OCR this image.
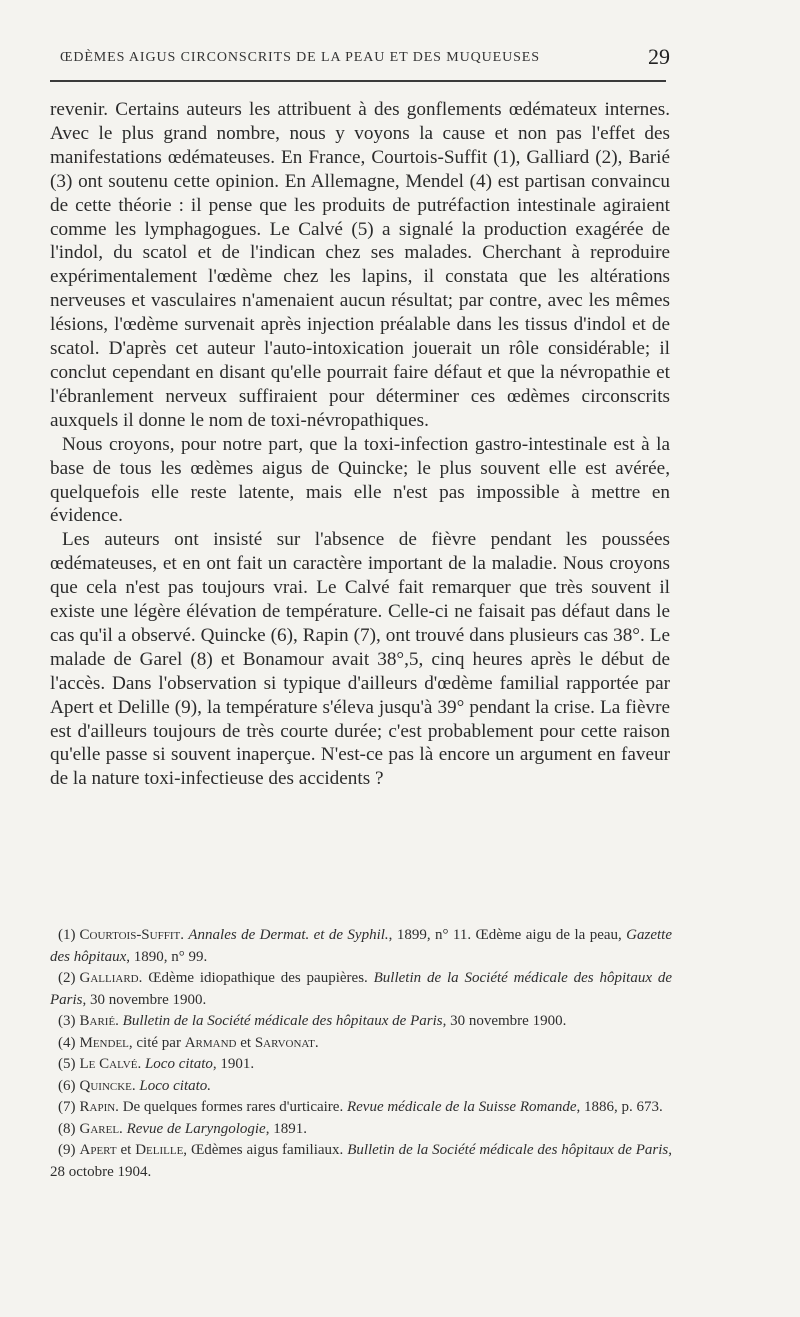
ŒDÈMES AIGUS CIRCONSCRITS DE LA PEAU ET DES MUQUEUSES	29

revenir. Certains auteurs les attribuent à des gonflements œdémateux internes. Avec le plus grand nombre, nous y voyons la cause et non pas l'effet des manifestations œdémateuses. En France, Courtois-Suffit (1), Galliard (2), Barié (3) ont soutenu cette opinion. En Allemagne, Mendel (4) est partisan convaincu de cette théorie : il pense que les produits de putréfaction intestinale agiraient comme les lymphagogues. Le Calvé (5) a signalé la production exagérée de l'indol, du scatol et de l'indican chez ses malades. Cherchant à reproduire expérimentalement l'œdème chez les lapins, il constata que les altérations nerveuses et vasculaires n'amenaient aucun résultat; par contre, avec les mêmes lésions, l'œdème survenait après injection préalable dans les tissus d'indol et de scatol. D'après cet auteur l'auto-intoxication jouerait un rôle considérable; il conclut cependant en disant qu'elle pourrait faire défaut et que la névropathie et l'ébranlement nerveux suffiraient pour déterminer ces œdèmes circonscrits auxquels il donne le nom de toxi-névropathiques.

Nous croyons, pour notre part, que la toxi-infection gastro-intestinale est à la base de tous les œdèmes aigus de Quincke; le plus souvent elle est avérée, quelquefois elle reste latente, mais elle n'est pas impossible à mettre en évidence.

Les auteurs ont insisté sur l'absence de fièvre pendant les poussées œdémateuses, et en ont fait un caractère important de la maladie. Nous croyons que cela n'est pas toujours vrai. Le Calvé fait remarquer que très souvent il existe une légère élévation de température. Celle-ci ne faisait pas défaut dans le cas qu'il a observé. Quincke (6), Rapin (7), ont trouvé dans plusieurs cas 38°. Le malade de Garel (8) et Bonamour avait 38°,5, cinq heures après le début de l'accès. Dans l'observation si typique d'ailleurs d'œdème familial rapportée par Apert et Delille (9), la température s'éleva jusqu'à 39° pendant la crise. La fièvre est d'ailleurs toujours de très courte durée; c'est probablement pour cette raison qu'elle passe si souvent inaperçue. N'est-ce pas là encore un argument en faveur de la nature toxi-infectieuse des accidents ?

(1) Courtois-Suffit. Annales de Dermat. et de Syphil., 1899, n° 11. Œdème aigu de la peau, Gazette des hôpitaux, 1890, n° 99.

(2) Galliard. Œdème idiopathique des paupières. Bulletin de la Société médicale des hôpitaux de Paris, 30 novembre 1900.

(3) Barié. Bulletin de la Société médicale des hôpitaux de Paris, 30 novembre 1900.

(4) Mendel, cité par Armand et Sarvonat.

(5) Le Calvé. Loco citato, 1901.

(6) Quincke. Loco citato.

(7) Rapin. De quelques formes rares d'urticaire. Revue médicale de la Suisse Romande, 1886, p. 673.

(8) Garel. Revue de Laryngologie, 1891.

(9) Apert et Delille, Œdèmes aigus familiaux. Bulletin de la Société médicale des hôpitaux de Paris, 28 octobre 1904.
